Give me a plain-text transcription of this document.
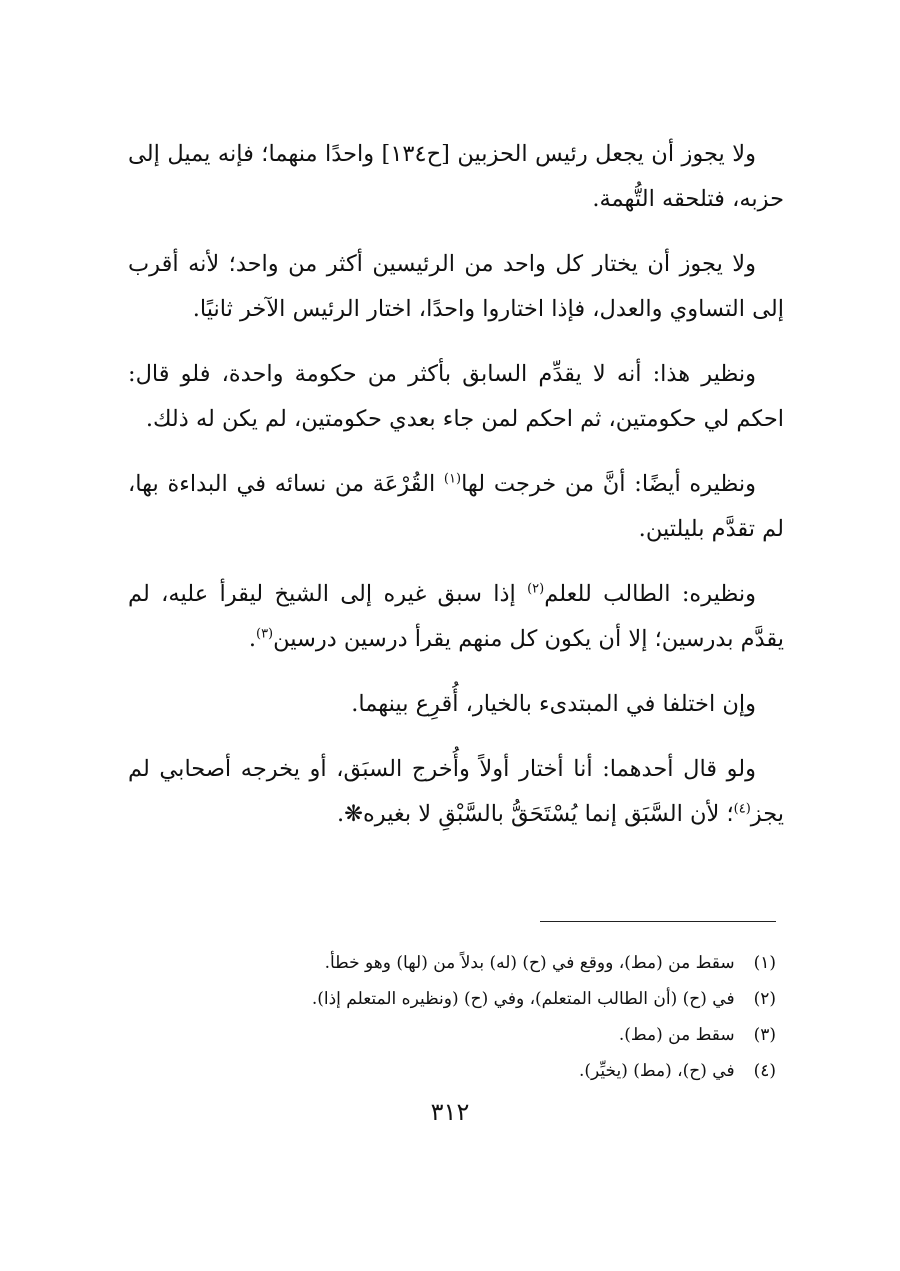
ولا يجوز أن يجعل رئيس الحزبين [ح١٣٤] واحدًا منهما؛ فإنه يميل إلى حزبه، فتلحقه التُّهمة.

ولا يجوز أن يختار كل واحد من الرئيسين أكثر من واحد؛ لأنه أقرب إلى التساوي والعدل، فإذا اختاروا واحدًا، اختار الرئيس الآخر ثانيًا.

ونظير هذا: أنه لا يقدِّم السابق بأكثر من حكومة واحدة، فلو قال: احكم لي حكومتين، ثم احكم لمن جاء بعدي حكومتين، لم يكن له ذلك.

ونظيره أيضًا: أنَّ من خرجت لها$^{(١)}$ القُرْعَة من نسائه في البداءة بها، لم تقدَّم بليلتين.

ونظيره: الطالب للعلم$^{(٢)}$ إذا سبق غيره إلى الشيخ ليقرأ عليه، لم يقدَّم بدرسين؛ إلا أن يكون كل منهم يقرأ درسين درسين$^{(٣)}$.

وإن اختلفا في المبتدىء بالخيار، أُقرِع بينهما.

ولو قال أحدهما: أنا أختار أولاً وأُخرج السبَق، أو يخرجه أصحابي لم يجز$^{(٤)}$؛ لأن السَّبَق إنما يُسْتَحَقُّ بالسَّبْقِ لا بغيره❋.

(١) سقط من (مط)، ووقع في (ح) (له) بدلاً من (لها) وهو خطأ.
(٢) في (ح) (أن الطالب المتعلم)، وفي (ح) (ونظيره المتعلم إذا).
(٣) سقط من (مط).
(٤) في (ح)، (مط) (يخيِّر).
٣١٢
